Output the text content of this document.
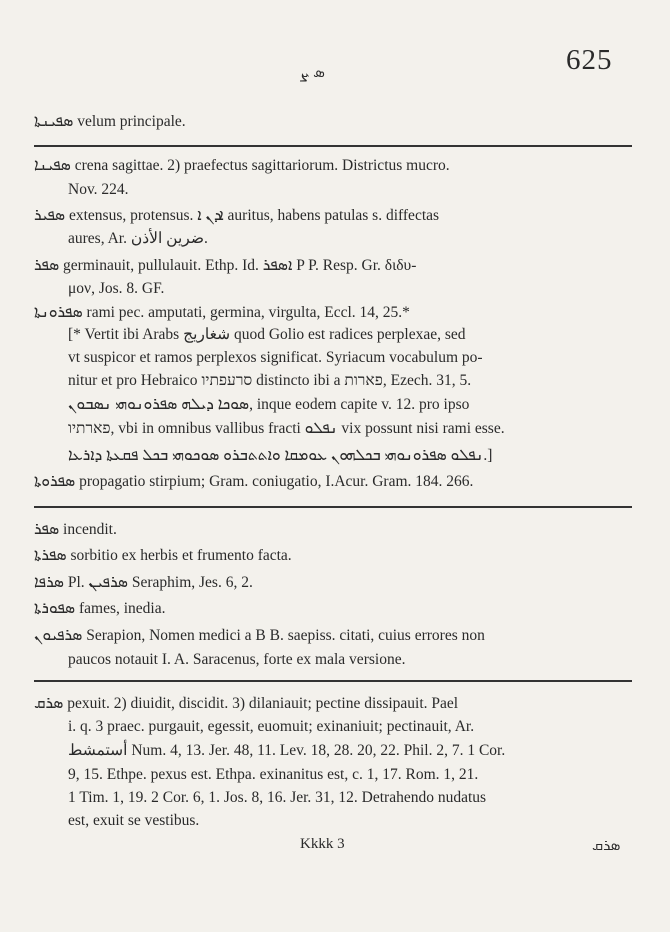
ܣ ܨ	625
ܣܦܝܢܬܐ velum principale.
ܣܦܝܢܐ crena sagittae. 2) praefectus sagittariorum. Districtus mucro.
Nov. 224.
ܣܦܝܪ extensus, protensus. ܐܕܢ ܐ auritus, habens patulas s. diffectas
aures, Ar. ضرين الأذن.
ܣܦܪ germinauit, pullulauit. Ethp. Id. ܐܣܦܪ P P. Resp. Gr. διδυ-
μον, Jos. 8. GF.
ܣܦܪܘܢܬܐ rami pec. amputati, germina, virgulta, Eccl. 14, 25.*
[* Vertit ibi Arabs شغاريج quod Golio est radices perplexae, sed
vt suspicor et ramos perplexos significat. Syriacum vocabulum po-
nitur et pro Hebraico סרעפתיו distincto ibi a פארות, Ezech. 31, 5.
ܣܘܟܐ ܕܝܠܗ ܣܦܪܘܢܘܗܝ ܢܣܒܘܢ, inque eodem capite v. 12. pro ipso
פארתיו, vbi in omnibus vallibus fracti ܢܦܠܘ vix possunt nisi rami esse.
ܢܦܠܘ ܣܦܪܘܢܘܗܝ ܒܟܠܗܘܢ ܥܘܡܩܐ ܘܐܬܬܒܪܘ ܣܘܟܘܗܝ ܒܟܠ ܦܩܥܬܐ ܕܐܪܥܐ.]
ܣܦܪܘܬܐ propagatio stirpium; Gram. coniugatio, I.Acur. Gram. 184. 266.
ܣܦܪ incendit.
ܣܦܪܬܐ sorbitio ex herbis et frumento facta.
ܣܪܦܐ Pl. ܣܪܦܝܢ Seraphim, Jes. 6, 2.
ܣܦܘܪܬܐ fames, inedia.
ܣܪܦܝܘܢ Serapion, Nomen medici a B B. saepiss. citati, cuius errores non
paucos notauit I. A. Saracenus, forte ex mala versione.
ܣܪܩ pexuit. 2) diuidit, discidit. 3) dilaniauit; pectine dissipauit. Pael
i. q. 3 praec. purgauit, egessit, euomuit; exinaniuit; pectinauit, Ar.
أستمشط Num. 4, 13. Jer. 48, 11. Lev. 18, 28. 20, 22. Phil. 2, 7. 1 Cor.
9, 15. Ethpe. pexus est. Ethpa. exinanitus est, c. 1, 17. Rom. 1, 21.
1 Tim. 1, 19. 2 Cor. 6, 1. Jos. 8, 16. Jer. 31, 12. Detrahendo nudatus
est, exuit se vestibus.
Kkkk 3	ܣܪܩ
